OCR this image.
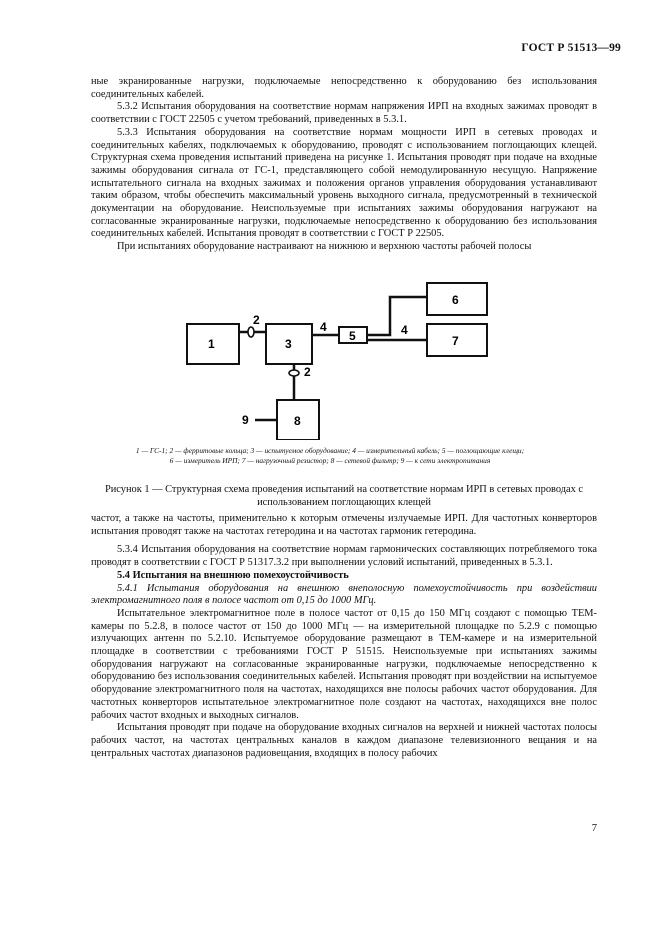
ГОСТ Р 51513—99

ные экранированные нагрузки, подключаемые непосредственно к оборудованию без использования соединительных кабелей.

5.3.2 Испытания оборудования на соответствие нормам напряжения ИРП на входных зажимах проводят в соответствии с ГОСТ 22505 с учетом требований, приведенных в 5.3.1.

5.3.3 Испытания оборудования на соответствие нормам мощности ИРП в сетевых проводах и соединительных кабелях, подключаемых к оборудованию, проводят с использованием поглощающих клещей. Структурная схема проведения испытаний приведена на рисунке 1. Испытания проводят при подаче на входные зажимы оборудования сигнала от ГС-1, представляющего собой немодулированную несущую. Напряжение испытательного сигнала на входных зажимах и положения органов управления оборудования устанавливают таким образом, чтобы обеспечить максимальный уровень выходного сигнала, предусмотренный в технической документации на оборудование. Неиспользуемые при испытаниях зажимы оборудования нагружают на согласованные экранированные нагрузки, подключаемые непосредственно к оборудованию без использования соединительных кабелей. Испытания проводят в соответствии с ГОСТ Р 22505.

При испытаниях оборудование настраивают на нижнюю и верхнюю частоты рабочей полосы

1	3
5
6
7
8
2	4	4
2
9
1 — ГС-1; 2 — ферритовые кольца; 3 — испытуемое оборудование; 4 — измерительный кабель; 5 — поглощающие клещи;
6 — измеритель ИРП; 7 — нагрузочный резистор; 8 — сетевой фильтр; 9 — к сети электропитания
Рисунок 1 — Структурная схема проведения испытаний на соответствие нормам ИРП в сетевых проводах с использованием поглощающих клещей

частот, а также на частоты, применительно к которым отмечены излучаемые ИРП. Для частотных конверторов испытания проводят также на частотах гетеродина и на частотах гармоник гетеродина.

5.3.4 Испытания оборудования на соответствие нормам гармонических составляющих потребляемого тока проводят в соответствии с ГОСТ Р 51317.3.2 при выполнении условий испытаний, приведенных в 5.3.1.

5.4 Испытания на внешнюю помехоустойчивость

5.4.1 Испытания оборудования на внешнюю внеполосную помехоустойчивость при воздействии электромагнитного поля в полосе частот от 0,15 до 1000 МГц.

Испытательное электромагнитное поле в полосе частот от 0,15 до 150 МГц создают с помощью ТЕМ-камеры по 5.2.8, в полосе частот от 150 до 1000 МГц — на измерительной площадке по 5.2.9 с помощью излучающих антенн по 5.2.10. Испытуемое оборудование размещают в ТЕМ-камере и на измерительной площадке в соответствии с требованиями ГОСТ Р 51515. Неиспользуемые при испытаниях зажимы оборудования нагружают на согласованные экранированные нагрузки, подключаемые непосредственно к оборудованию без использования соединительных кабелей. Испытания проводят при воздействии на испытуемое оборудование электромагнитного поля на частотах, находящихся вне полосы рабочих частот оборудования. Для частотных конверторов испытательное электромагнитное поле создают на частотах, находящихся вне полос рабочих частот входных и выходных сигналов.

Испытания проводят при подаче на оборудование входных сигналов на верхней и нижней частотах полосы рабочих частот, на частотах центральных каналов в каждом диапазоне телевизионного вещания и на центральных частотах диапазонов радиовещания, входящих в полосу рабочих

7
